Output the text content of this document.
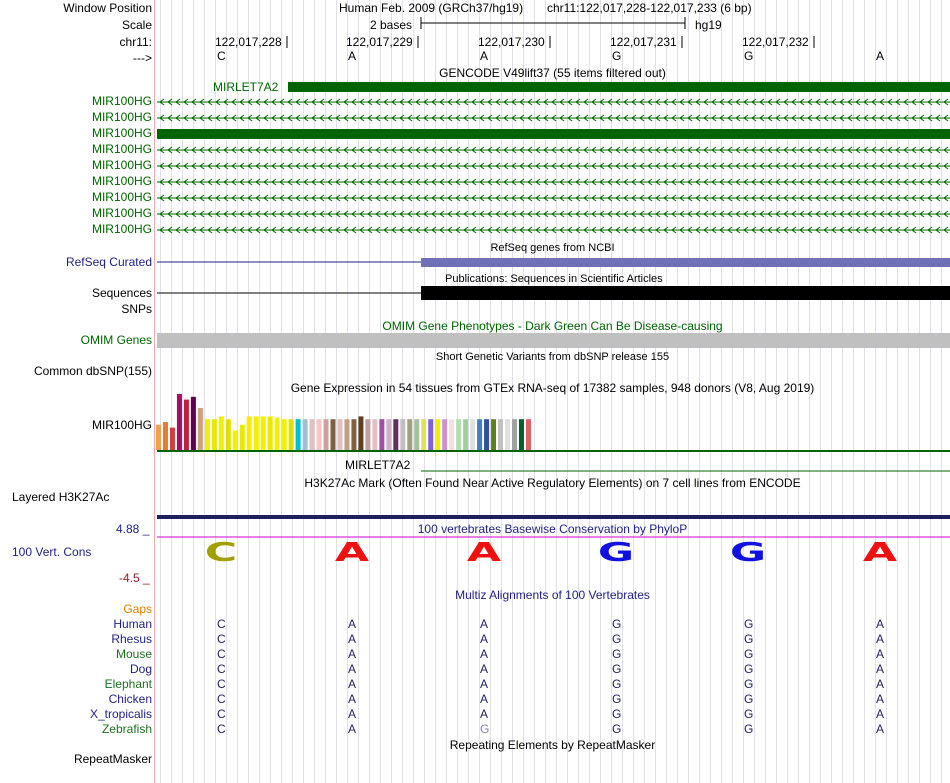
Window Position	Human Feb. 2009 (GRCh37/hg19) chr11:122,017,228-122,017,233 (6 bp)
Scale	2 bases	hg19
chr11:
--->
122,017,228	122,017,229	122,017,230	122,017,231	122,017,232
C	A	A	G	G	A
GENCODE V49lift37 (55 items filtered out)
MIRLET7A2
MIR100HG
MIR100HG
MIR100HG
MIR100HG
MIR100HG
MIR100HG
MIR100HG
MIR100HG
MIR100HG
RefSeq genes from NCBI
RefSeq Curated
Publications: Sequences in Scientific Articles
Sequences
SNPs
OMIM Gene Phenotypes - Dark Green Can Be Disease-causing
OMIM Genes
Short Genetic Variants from dbSNP release 155
Common dbSNP(155)
Gene Expression in 54 tissues from GTEx RNA-seq of 17382 samples, 948 donors (V8, Aug 2019)
MIR100HG
MIRLET7A2
H3K27Ac Mark (Often Found Near Active Regulatory Elements) on 7 cell lines from ENCODE
Layered H3K27Ac
100 vertebrates Basewise Conservation by PhyloP
4.88 _
100 Vert. Cons
-4.5 _
Multiz Alignments of 100 Vertebrates
Gaps
Human	C	A	A	G	G	A
Rhesus	C	A	A	G	G	A
Mouse	C	A	A	G	G	A
Dog	C	A	A	G	G	A
Elephant	C	A	A	G	G	A
Chicken	C	A	A	G	G	A
X_tropicalis	C	A	A	G	G	A
Zebrafish	C	A	G	G	G	A
Repeating Elements by RepeatMasker
RepeatMasker
C	A	A	G	G	A
